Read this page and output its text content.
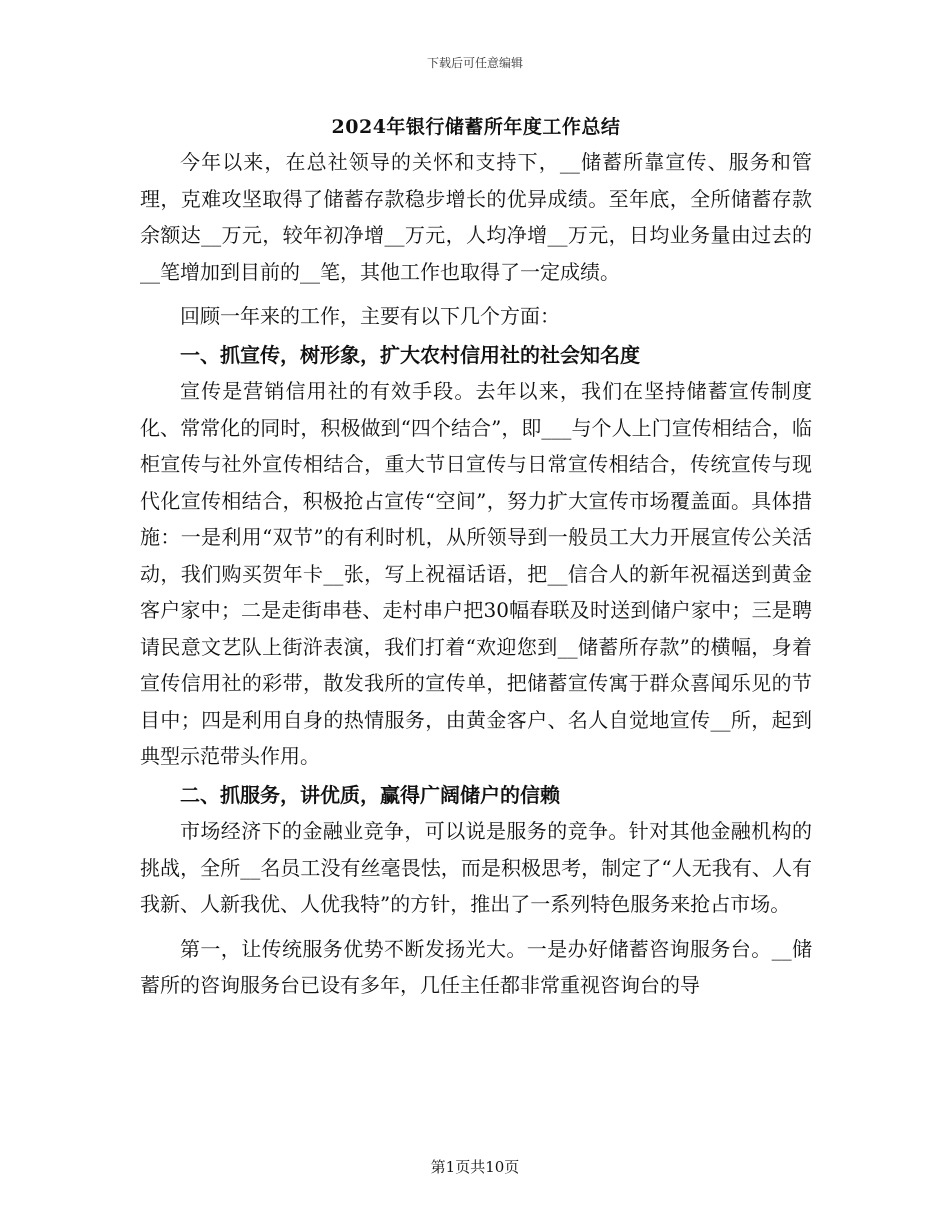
下载后可任意编辑
2024年银行储蓄所年度工作总结

今年以来，在总社领导的关怀和支持下，__储蓄所靠宣传、服务和管理，克难攻坚取得了储蓄存款稳步增长的优异成绩。至年底，全所储蓄存款余额达__万元，较年初净增__万元，人均净增__万元，日均业务量由过去的__笔增加到目前的__笔，其他工作也取得了一定成绩。

回顾一年来的工作，主要有以下几个方面：

一、抓宣传，树形象，扩大农村信用社的社会知名度

宣传是营销信用社的有效手段。去年以来，我们在坚持储蓄宣传制度化、常常化的同时，积极做到“四个结合”，即___与个人上门宣传相结合，临柜宣传与社外宣传相结合，重大节日宣传与日常宣传相结合，传统宣传与现代化宣传相结合，积极抢占宣传“空间”，努力扩大宣传市场覆盖面。具体措施：一是利用“双节”的有利时机，从所领导到一般员工大力开展宣传公关活动，我们购买贺年卡__张，写上祝福话语，把__信合人的新年祝福送到黄金客户家中；二是走街串巷、走村串户把30幅春联及时送到储户家中；三是聘请民意文艺队上街浒表演，我们打着“欢迎您到__储蓄所存款”的横幅，身着宣传信用社的彩带，散发我所的宣传单，把储蓄宣传寓于群众喜闻乐见的节目中；四是利用自身的热情服务，由黄金客户、名人自觉地宣传__所，起到典型示范带头作用。

二、抓服务，讲优质，赢得广阔储户的信赖

市场经济下的金融业竞争，可以说是服务的竞争。针对其他金融机构的挑战，全所__名员工没有丝毫畏怯，而是积极思考，制定了“人无我有、人有我新、人新我优、人优我特”的方针，推出了一系列特色服务来抢占市场。

第一，让传统服务优势不断发扬光大。一是办好储蓄咨询服务台。__储蓄所的咨询服务台已设有多年，几任主任都非常重视咨询台的导

第1页共10页
